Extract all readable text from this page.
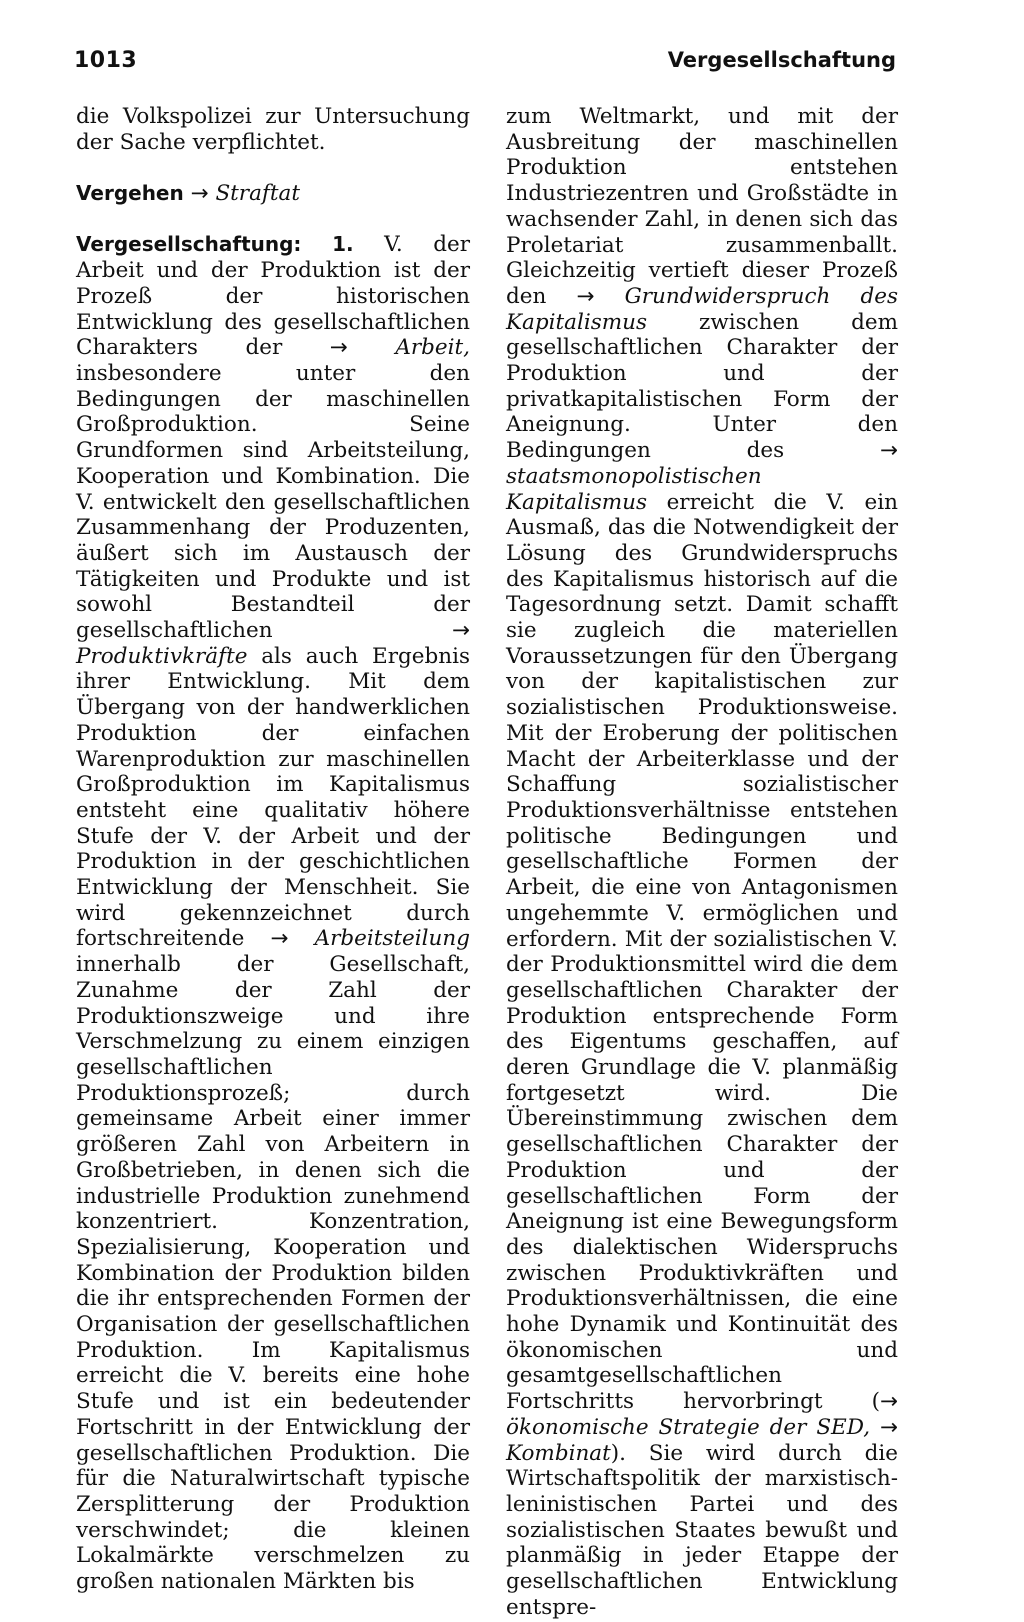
1013	Vergesellschaftung

die Volkspolizei zur Untersuchung der Sache verpflichtet.

Vergehen → Straftat

Vergesellschaftung: 1. V. der Arbeit und der Produktion ist der Prozeß der historischen Entwicklung des gesellschaftlichen Charakters der → Arbeit, insbesondere unter den Bedingungen der maschinellen Großproduktion. Seine Grundformen sind Arbeitsteilung, Kooperation und Kombination. Die V. entwickelt den gesellschaftlichen Zusammenhang der Produzenten, äußert sich im Austausch der Tätigkeiten und Produkte und ist sowohl Bestandteil der gesellschaftlichen → Produktivkräfte als auch Ergebnis ihrer Entwicklung. Mit dem Übergang von der handwerklichen Produktion der einfachen Warenproduktion zur maschinellen Großproduktion im Kapitalismus entsteht eine qualitativ höhere Stufe der V. der Arbeit und der Produktion in der geschichtlichen Entwicklung der Menschheit. Sie wird gekennzeichnet durch fortschreitende → Arbeitsteilung innerhalb der Gesellschaft, Zunahme der Zahl der Produktionszweige und ihre Verschmelzung zu einem einzigen gesellschaftlichen Produktionsprozeß; durch gemeinsame Arbeit einer immer größeren Zahl von Arbeitern in Großbetrieben, in denen sich die industrielle Produktion zunehmend konzentriert. Konzentration, Spezialisierung, Kooperation und Kombination der Produktion bilden die ihr entsprechenden Formen der Organisation der gesellschaftlichen Produktion. Im Kapitalismus erreicht die V. bereits eine hohe Stufe und ist ein bedeutender Fortschritt in der Entwicklung der gesellschaftlichen Produktion. Die für die Naturalwirtschaft typische Zersplitterung der Produktion verschwindet; die kleinen Lokalmärkte verschmelzen zu großen nationalen Märkten bis

zum Weltmarkt, und mit der Ausbreitung der maschinellen Produktion entstehen Industriezentren und Großstädte in wachsender Zahl, in denen sich das Proletariat zusammenballt. Gleichzeitig vertieft dieser Prozeß den → Grundwiderspruch des Kapitalismus zwischen dem gesellschaftlichen Charakter der Produktion und der privatkapitalistischen Form der Aneignung. Unter den Bedingungen des → staatsmonopolistischen Kapitalismus erreicht die V. ein Ausmaß, das die Notwendigkeit der Lösung des Grundwiderspruchs des Kapitalismus historisch auf die Tagesordnung setzt. Damit schafft sie zugleich die materiellen Voraussetzungen für den Übergang von der kapitalistischen zur sozialistischen Produktionsweise. Mit der Eroberung der politischen Macht der Arbeiterklasse und der Schaffung sozialistischer Produktionsverhältnisse entstehen politische Bedingungen und gesellschaftliche Formen der Arbeit, die eine von Antagonismen ungehemmte V. ermöglichen und erfordern. Mit der sozialistischen V. der Produktionsmittel wird die dem gesellschaftlichen Charakter der Produktion entsprechende Form des Eigentums geschaffen, auf deren Grundlage die V. planmäßig fortgesetzt wird. Die Übereinstimmung zwischen dem gesellschaftlichen Charakter der Produktion und der gesellschaftlichen Form der Aneignung ist eine Bewegungsform des dialektischen Widerspruchs zwischen Produktivkräften und Produktionsverhältnissen, die eine hohe Dynamik und Kontinuität des ökonomischen und gesamtgesellschaftlichen Fortschritts hervorbringt (→ ökonomische Strategie der SED, → Kombinat). Sie wird durch die Wirtschaftspolitik der marxistisch-leninistischen Partei und des sozialistischen Staates bewußt und planmäßig in jeder Etappe der gesellschaftlichen Entwicklung entspre-
